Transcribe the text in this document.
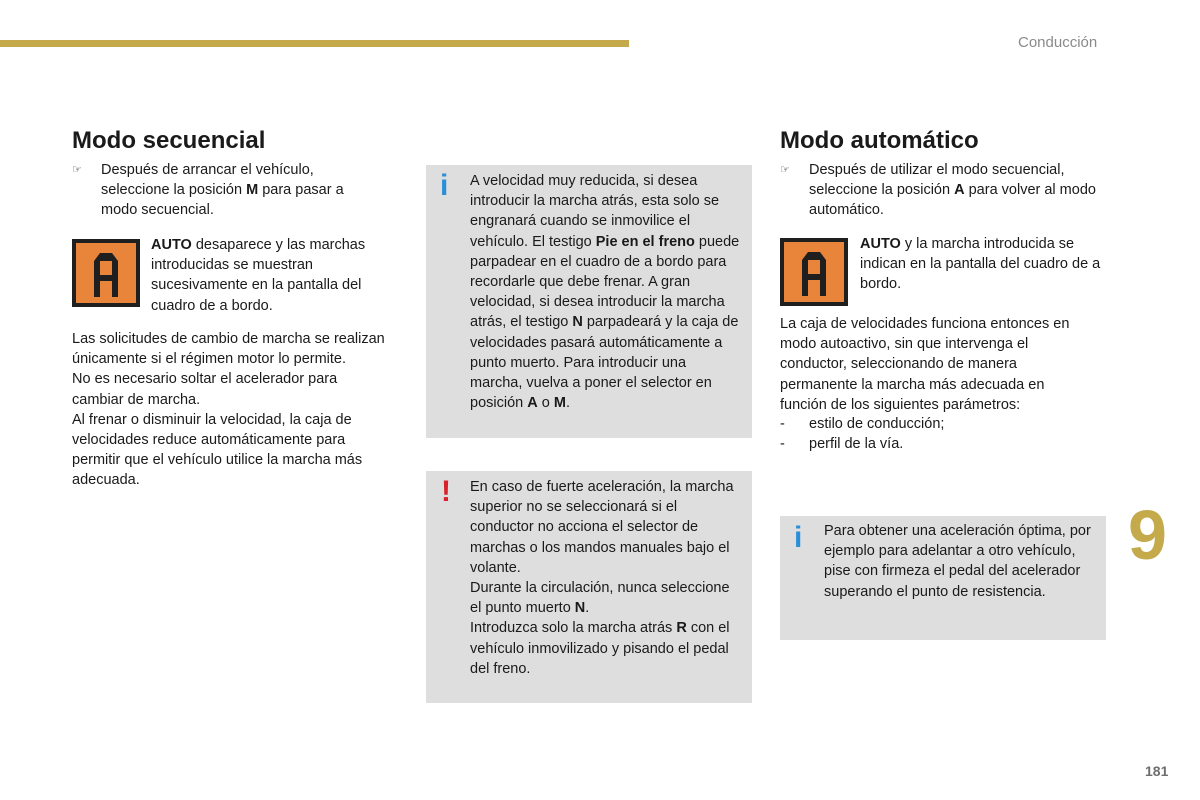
Conducción
Modo secuencial
☞ Después de arrancar el vehículo, seleccione la posición M para pasar a modo secuencial.
AUTO desaparece y las marchas introducidas se muestran sucesivamente en la pantalla del cuadro de a bordo.
Las solicitudes de cambio de marcha se realizan únicamente si el régimen motor lo permite.
No es necesario soltar el acelerador para cambiar de marcha.
Al frenar o disminuir la velocidad, la caja de velocidades reduce automáticamente para permitir que el vehículo utilice la marcha más adecuada.
i A velocidad muy reducida, si desea introducir la marcha atrás, esta solo se engranará cuando se inmovilice el vehículo. El testigo Pie en el freno puede parpadear en el cuadro de a bordo para recordarle que debe frenar. A gran velocidad, si desea introducir la marcha atrás, el testigo N parpadeará y la caja de velocidades pasará automáticamente a punto muerto. Para introducir una marcha, vuelva a poner el selector en posición A o M.
! En caso de fuerte aceleración, la marcha superior no se seleccionará si el conductor no acciona el selector de marchas o los mandos manuales bajo el volante.
Durante la circulación, nunca seleccione el punto muerto N.
Introduzca solo la marcha atrás R con el vehículo inmovilizado y pisando el pedal del freno.
Modo automático
☞ Después de utilizar el modo secuencial, seleccione la posición A para volver al modo automático.
AUTO y la marcha introducida se indican en la pantalla del cuadro de a bordo.
La caja de velocidades funciona entonces en modo autoactivo, sin que intervenga el conductor, seleccionando de manera permanente la marcha más adecuada en función de los siguientes parámetros:
- estilo de conducción;
- perfil de la vía.
i Para obtener una aceleración óptima, por ejemplo para adelantar a otro vehículo, pise con firmeza el pedal del acelerador superando el punto de resistencia.
9
181
